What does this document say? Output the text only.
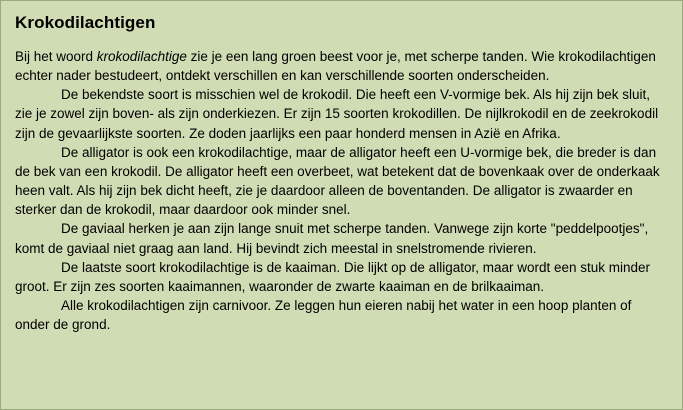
Krokodilachtigen
Bij het woord krokodilachtige zie je een lang groen beest voor je, met scherpe tanden. Wie krokodilachtigen echter nader bestudeert, ontdekt verschillen en kan verschillende soorten onderscheiden.
De bekendste soort is misschien wel de krokodil. Die heeft een V-vormige bek. Als hij zijn bek sluit, zie je zowel zijn boven- als zijn onderkiezen. Er zijn 15 soorten krokodillen. De nijlkrokodil en de zeekrokodil zijn de gevaarlijkste soorten. Ze doden jaarlijks een paar honderd mensen in Azië en Afrika.
De alligator is ook een krokodilachtige, maar de alligator heeft een U-vormige bek, die breder is dan de bek van een krokodil. De alligator heeft een overbeet, wat betekent dat de bovenkaak over de onderkaak heen valt. Als hij zijn bek dicht heeft, zie je daardoor alleen de boventanden. De alligator is zwaarder en sterker dan de krokodil, maar daardoor ook minder snel.
De gaviaal herken je aan zijn lange snuit met scherpe tanden. Vanwege zijn korte "peddelpootjes", komt de gaviaal niet graag aan land. Hij bevindt zich meestal in snelstromende rivieren.
De laatste soort krokodilachtige is de kaaiman. Die lijkt op de alligator, maar wordt een stuk minder groot. Er zijn zes soorten kaaimannen, waaronder de zwarte kaaiman en de brilkaaiman.
Alle krokodilachtigen zijn carnivoor. Ze leggen hun eieren nabij het water in een hoop planten of onder de grond.
